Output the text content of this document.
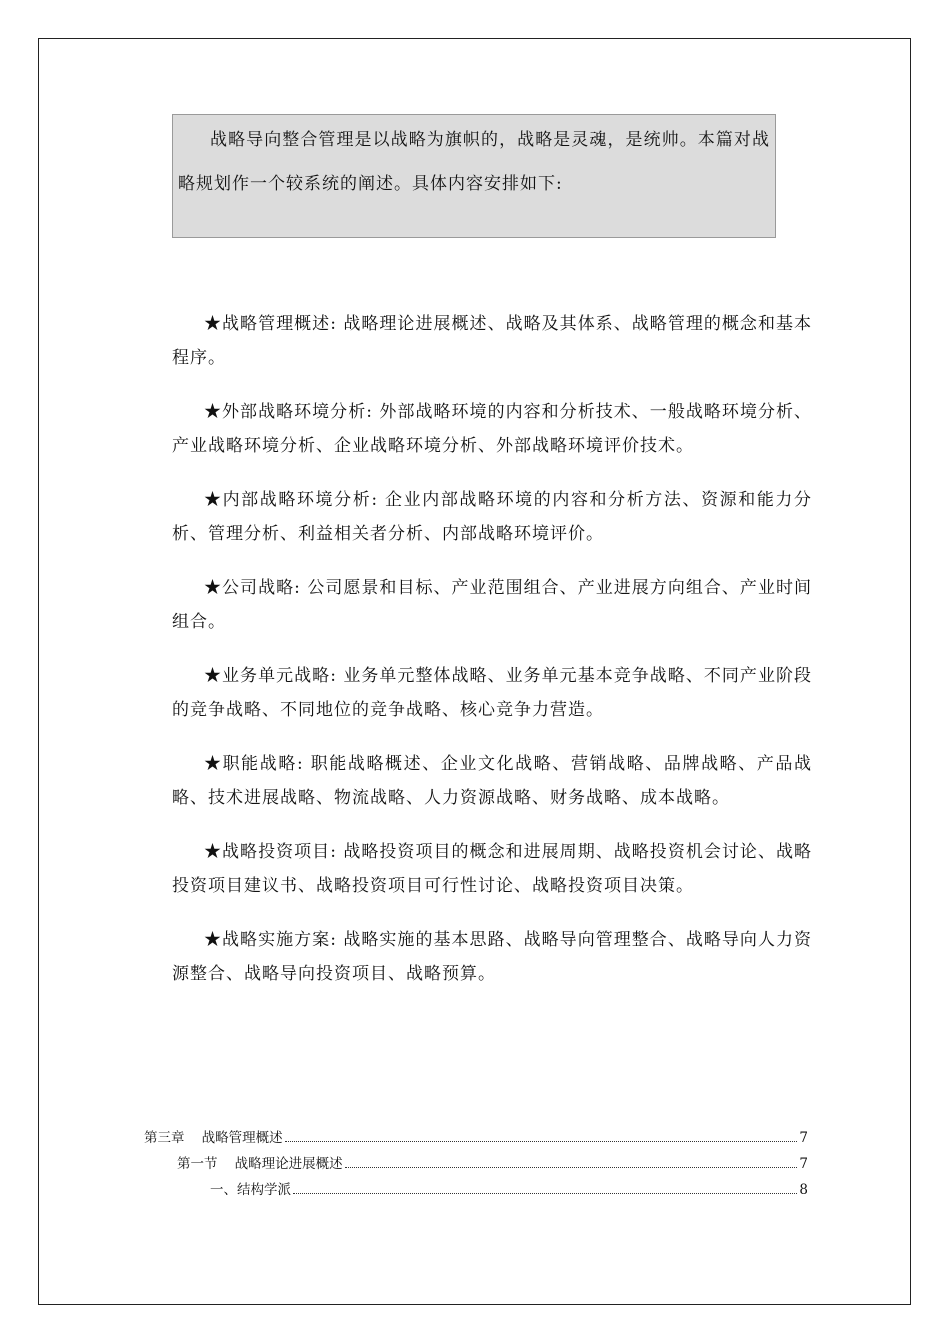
战略导向整合管理是以战略为旗帜的，战略是灵魂，是统帅。本篇对战略规划作一个较系统的阐述。具体内容安排如下:

★战略管理概述: 战略理论进展概述、战略及其体系、战略管理的概念和基本程序。

★外部战略环境分析: 外部战略环境的内容和分析技术、一般战略环境分析、产业战略环境分析、企业战略环境分析、外部战略环境评价技术。

★内部战略环境分析: 企业内部战略环境的内容和分析方法、资源和能力分析、管理分析、利益相关者分析、内部战略环境评价。

★公司战略: 公司愿景和目标、产业范围组合、产业进展方向组合、产业时间组合。

★业务单元战略: 业务单元整体战略、业务单元基本竞争战略、不同产业阶段的竞争战略、不同地位的竞争战略、核心竞争力营造。

★职能战略: 职能战略概述、企业文化战略、营销战略、品牌战略、产品战略、技术进展战略、物流战略、人力资源战略、财务战略、成本战略。

★战略投资项目: 战略投资项目的概念和进展周期、战略投资机会讨论、战略投资项目建议书、战略投资项目可行性讨论、战略投资项目决策。

★战略实施方案: 战略实施的基本思路、战略导向管理整合、战略导向人力资源整合、战略导向投资项目、战略预算。

第三章    战略管理概述	7
第一节    战略理论进展概述	7
一、结构学派	8
